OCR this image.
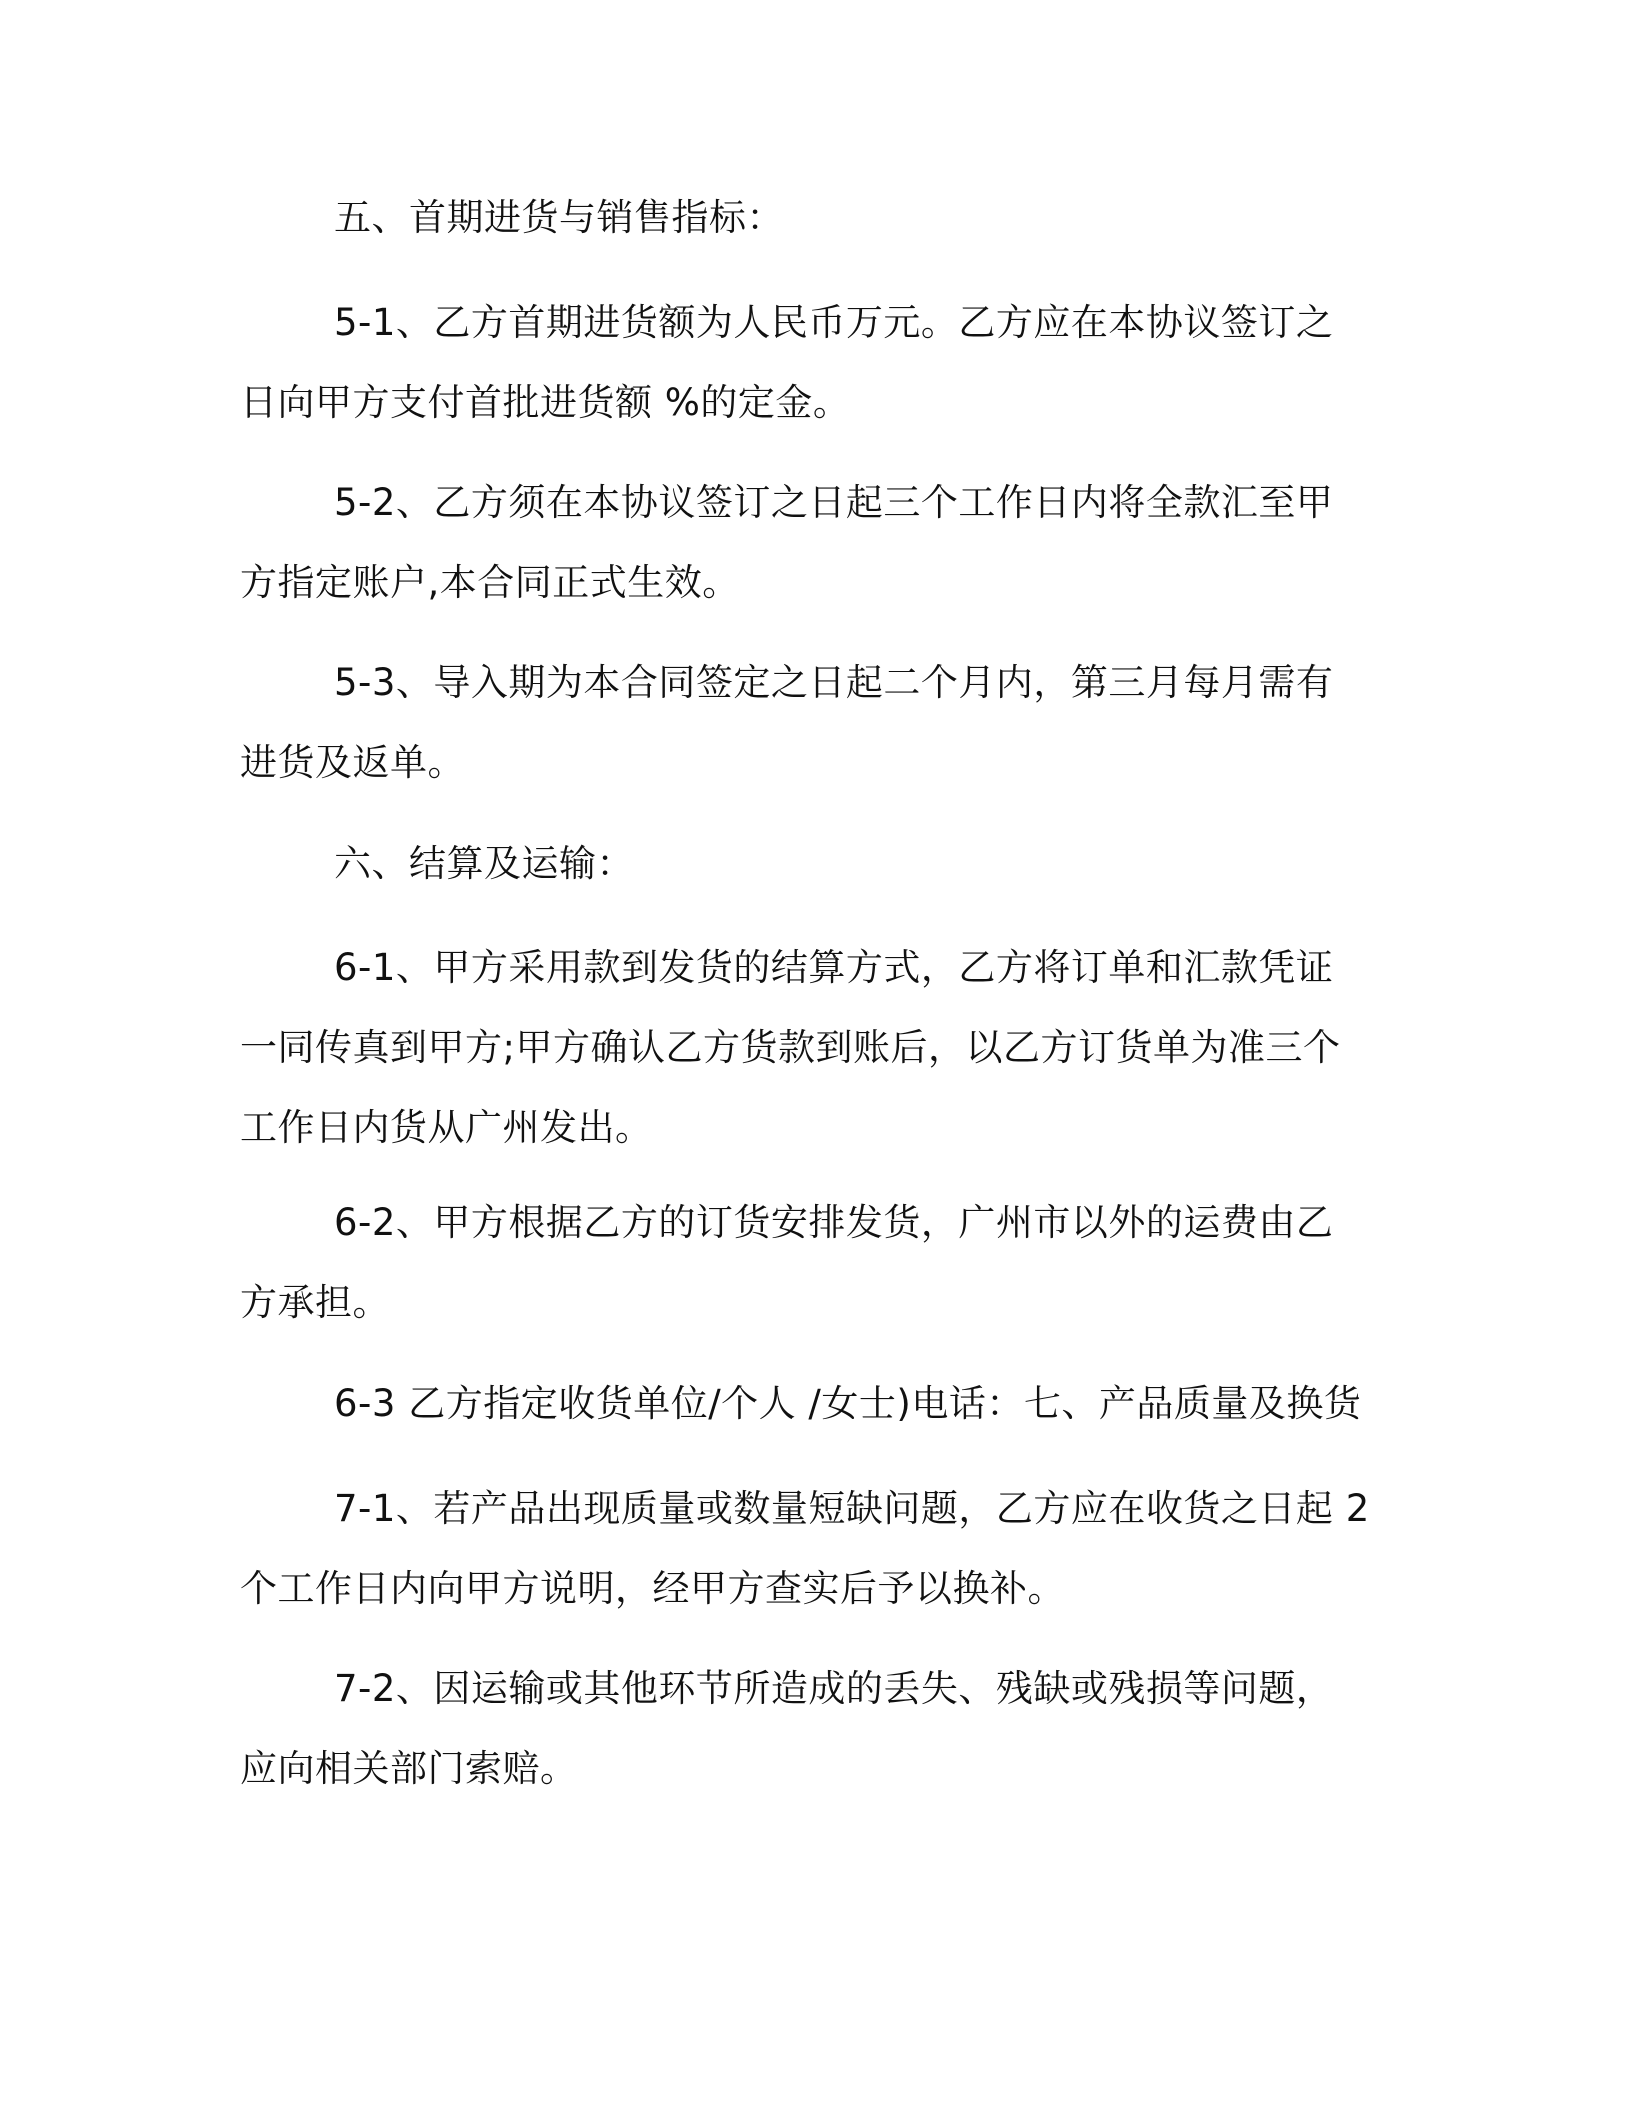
五、首期进货与销售指标：

5-1、乙方首期进货额为人民币万元。乙方应在本协议签订之日向甲方支付首批进货额 %的定金。

5-2、乙方须在本协议签订之日起三个工作日内将全款汇至甲方指定账户,本合同正式生效。

5-3、导入期为本合同签定之日起二个月内，第三月每月需有进货及返单。

六、结算及运输：

6-1、甲方采用款到发货的结算方式，乙方将订单和汇款凭证一同传真到甲方;甲方确认乙方货款到账后，以乙方订货单为准三个工作日内货从广州发出。

6-2、甲方根据乙方的订货安排发货，广州市以外的运费由乙方承担。

6-3 乙方指定收货单位/个人 /女士)电话：七、产品质量及换货

7-1、若产品出现质量或数量短缺问题，乙方应在收货之日起 2个工作日内向甲方说明，经甲方查实后予以换补。

7-2、因运输或其他环节所造成的丢失、残缺或残损等问题，应向相关部门索赔。
